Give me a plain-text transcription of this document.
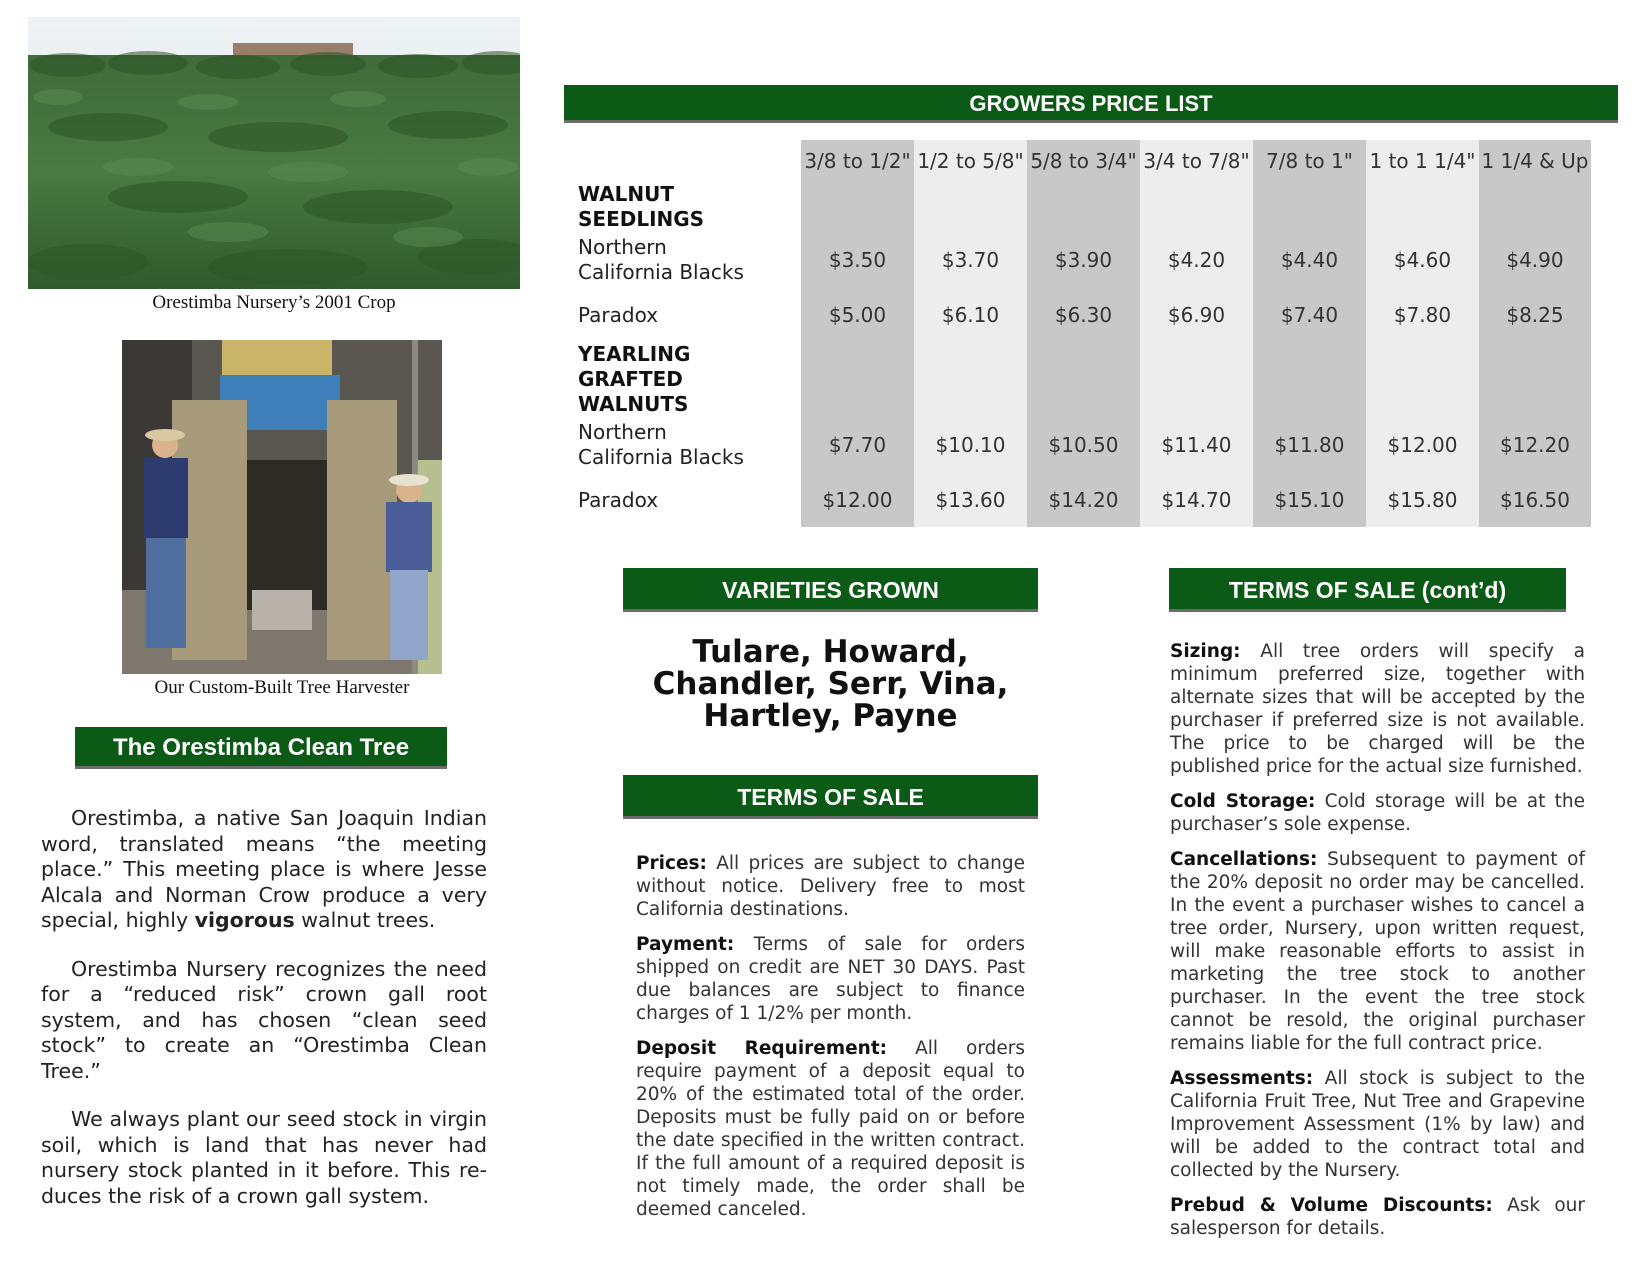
Orestimba Nursery’s 2001 Crop
Our Custom-Built Tree Harvester
The Orestimba Clean Tree

Orestimba, a native San Joaquin Indian word, translated means “the meeting place.” This meeting place is where Jesse Alcala and Norman Crow produce a very special, highly vigorous walnut trees.

Orestimba Nursery recognizes the need for a “reduced risk” crown gall root system, and has chosen “clean seed stock” to create an “Orestimba Clean Tree.”

We always plant our seed stock in virgin soil, which is land that has never had nursery stock planted in it before. This re-duces the risk of a crown gall system.

GROWERS PRICE LIST
	3/8 to 1/2"	1/2 to 5/8"	5/8 to 3/4"	3/4 to 7/8"	7/8 to 1"	1 to 1 1/4"	1 1/4 & Up
WALNUT
SEEDLINGS							
Northern
California Blacks	$3.50	$3.70	$3.90	$4.20	$4.40	$4.60	$4.90
Paradox	$5.00	$6.10	$6.30	$6.90	$7.40	$7.80	$8.25
YEARLING GRAFTED
WALNUTS							
Northern
California Blacks	$7.70	$10.10	$10.50	$11.40	$11.80	$12.00	$12.20
Paradox	$12.00	$13.60	$14.20	$14.70	$15.10	$15.80	$16.50
VARIETIES GROWN
Tulare, Howard,
Chandler, Serr, Vina,
Hartley, Payne
TERMS OF SALE

Prices: All prices are subject to change without notice. Delivery free to most California destinations.

Payment: Terms of sale for orders shipped on credit are NET 30 DAYS. Past due balances are subject to finance charges of 1 1/2% per month.

Deposit Requirement: All orders require payment of a deposit equal to 20% of the estimated total of the order. Deposits must be fully paid on or before the date specified in the written contract. If the full amount of a required deposit is not timely made, the order shall be deemed canceled.

TERMS OF SALE (cont’d)

Sizing: All tree orders will specify a minimum preferred size, together with alternate sizes that will be accepted by the purchaser if preferred size is not available. The price to be charged will be the published price for the actual size furnished.

Cold Storage: Cold storage will be at the purchaser’s sole expense.

Cancellations: Subsequent to payment of the 20% deposit no order may be cancelled. In the event a purchaser wishes to cancel a tree order, Nursery, upon written request, will make reasonable efforts to assist in marketing the tree stock to another purchaser. In the event the tree stock cannot be resold, the original purchaser remains liable for the full contract price.

Assessments: All stock is subject to the California Fruit Tree, Nut Tree and Grapevine Improvement Assessment (1% by law) and will be added to the contract total and collected by the Nursery.

Prebud & Volume Discounts: Ask our salesperson for details.
